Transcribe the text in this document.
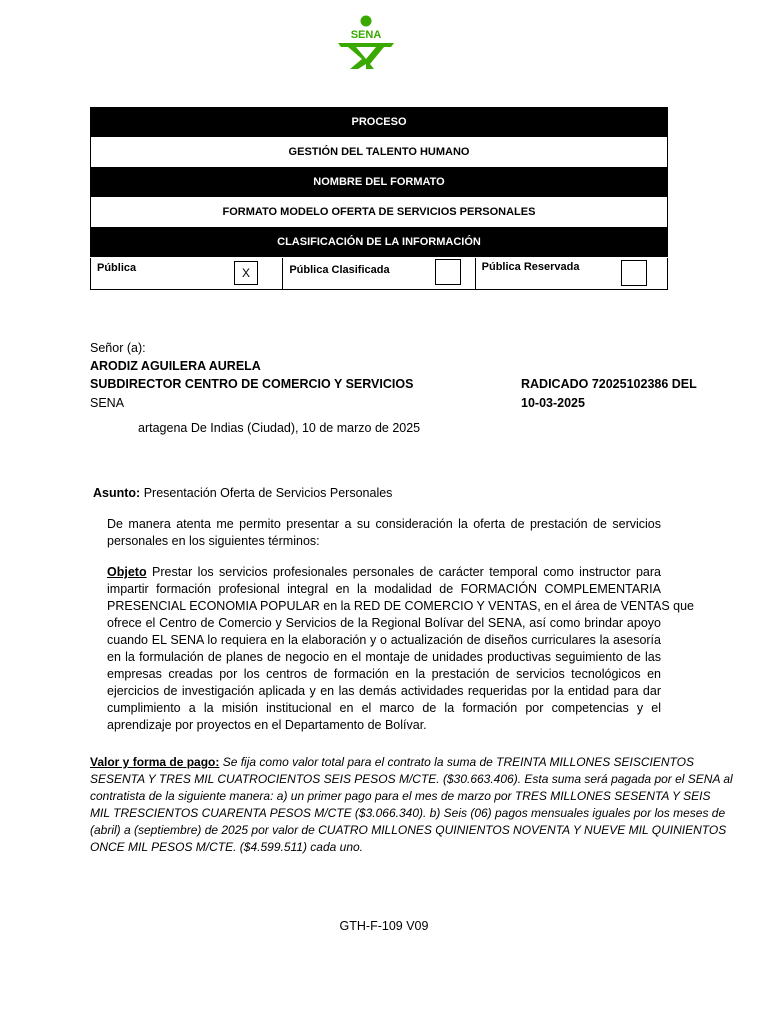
SENA
PROCESO
GESTIÓN DEL TALENTO HUMANO
NOMBRE DEL FORMATO
FORMATO MODELO OFERTA DE SERVICIOS PERSONALES
CLASIFICACIÓN DE LA INFORMACIÓN
Pública	X	Pública Clasificada	Pública Reservada
Señor (a):
ARODIZ AGUILERA AURELA
SUBDIRECTOR CENTRO DE COMERCIO Y SERVICIOS
SENA
RADICADO 72025102386 DEL
10-03-2025
artagena De Indias (Ciudad), 10 de marzo de 2025
Asunto: Presentación Oferta de Servicios Personales
De manera atenta me permito presentar a su consideración la oferta de prestación de servicios
personales en los siguientes términos:
Objeto Prestar los servicios profesionales personales de carácter temporal como instructor para
impartir formación profesional integral en la modalidad de FORMACIÓN COMPLEMENTARIA
PRESENCIAL ECONOMIA POPULAR en la RED DE COMERCIO Y VENTAS, en el área de VENTAS que
ofrece el Centro de Comercio y Servicios de la Regional Bolívar del SENA, así como brindar apoyo
cuando EL SENA lo requiera en la elaboración y o actualización de diseños curriculares la asesoría
en la formulación de planes de negocio en el montaje de unidades productivas seguimiento de las
empresas creadas por los centros de formación en la prestación de servicios tecnológicos en
ejercicios de investigación aplicada y en las demás actividades requeridas por la entidad para dar
cumplimiento a la misión institucional en el marco de la formación por competencias y el
aprendizaje por proyectos en el Departamento de Bolívar.
Valor y forma de pago: Se fija como valor total para el contrato la suma de TREINTA MILLONES SEISCIENTOS
SESENTA Y TRES MIL CUATROCIENTOS SEIS PESOS M/CTE. ($30.663.406). Esta suma será pagada por el SENA al
contratista de la siguiente manera: a) un primer pago para el mes de marzo por TRES MILLONES SESENTA Y SEIS
MIL TRESCIENTOS CUARENTA PESOS M/CTE ($3.066.340). b) Seis (06) pagos mensuales iguales por los meses de
(abril) a (septiembre) de 2025 por valor de CUATRO MILLONES QUINIENTOS NOVENTA Y NUEVE MIL QUINIENTOS
ONCE MIL PESOS M/CTE. ($4.599.511) cada uno.
GTH-F-109 V09
